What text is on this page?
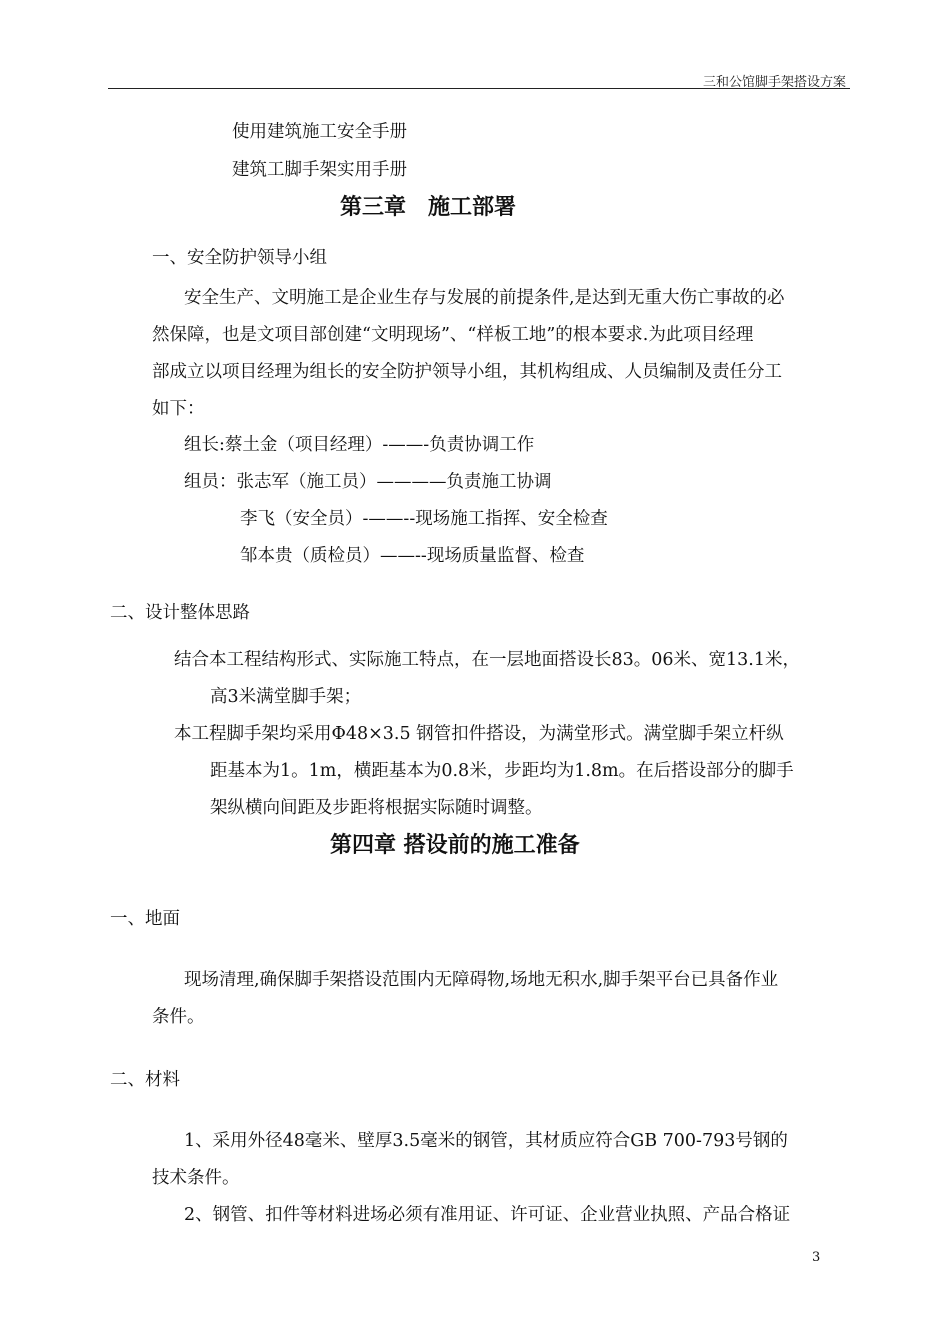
三和公馆脚手架搭设方案
使用建筑施工安全手册
建筑工脚手架实用手册
第三章　施工部署
一、安全防护领导小组
安全生产、文明施工是企业生存与发展的前提条件,是达到无重大伤亡事故的必
然保障，也是文项目部创建“文明现场”、“样板工地”的根本要求.为此项目经理
部成立以项目经理为组长的安全防护领导小组，其机构组成、人员编制及责任分工
如下：
组长:蔡土金（项目经理）-——-负责协调工作
组员：张志军（施工员）————负责施工协调
李飞（安全员）-——--现场施工指挥、安全检查
邹本贵（质检员）——--现场质量监督、检查
二、设计整体思路
结合本工程结构形式、实际施工特点，在一层地面搭设长83。06米、宽13.1米，
高3米满堂脚手架；
本工程脚手架均采用Φ48×3.5 钢管扣件搭设，为满堂形式。满堂脚手架立杆纵
距基本为1。1m，横距基本为0.8米，步距均为1.8m。在后搭设部分的脚手
架纵横向间距及步距将根据实际随时调整。
第四章 搭设前的施工准备
一、地面
现场清理,确保脚手架搭设范围内无障碍物,场地无积水,脚手架平台已具备作业
条件。
二、材料
1、采用外径48毫米、壁厚3.5毫米的钢管，其材质应符合GB 700-793号钢的
技术条件。
2、钢管、扣件等材料进场必须有准用证、许可证、企业营业执照、产品合格证
3
